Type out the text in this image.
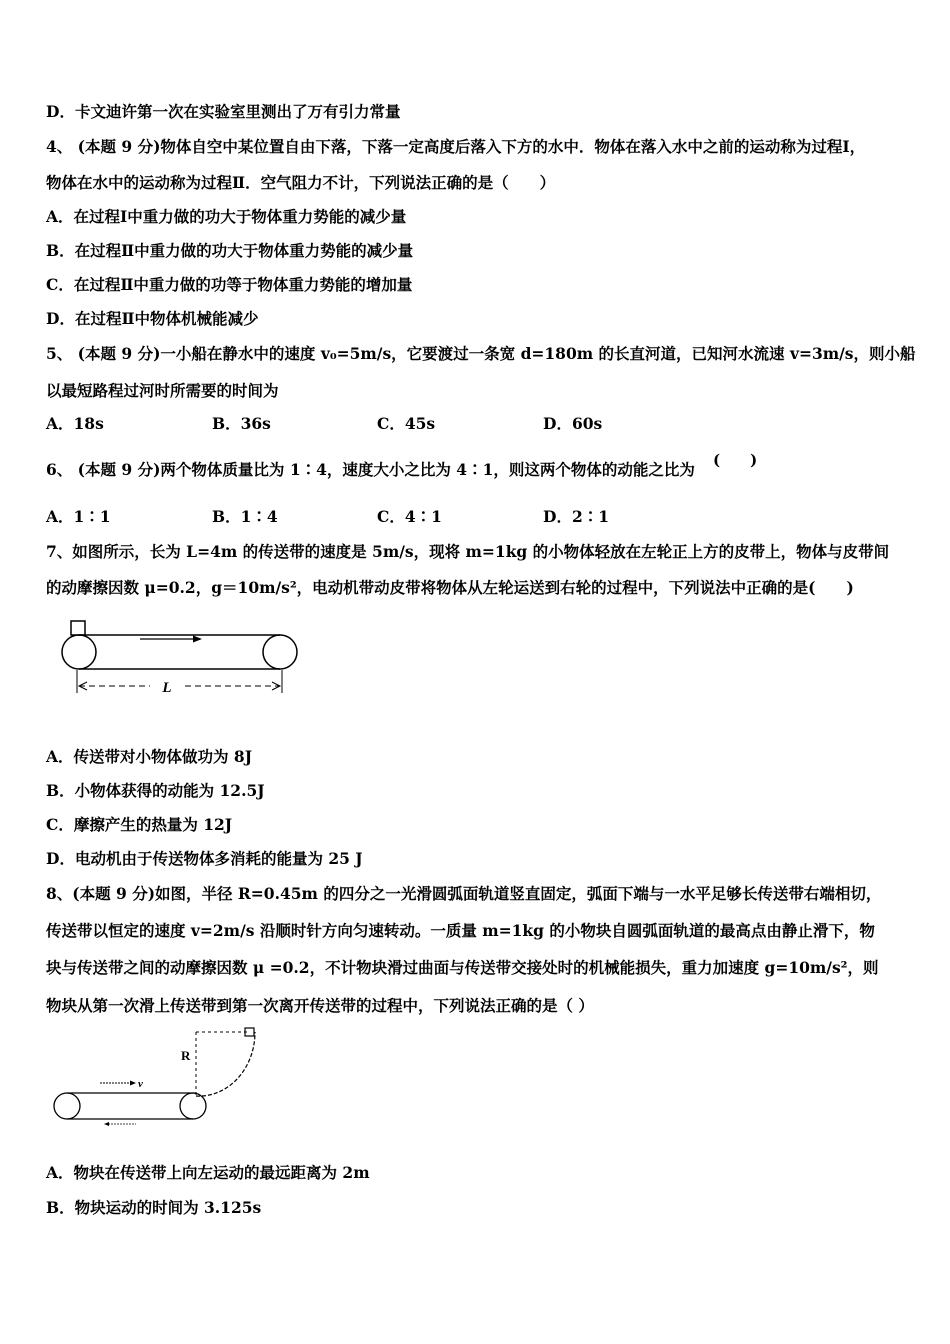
D．卡文迪许第一次在实验室里测出了万有引力常量
4、 (本题 9 分)物体自空中某位置自由下落，下落一定高度后落入下方的水中．物体在落入水中之前的运动称为过程Ⅰ，
物体在水中的运动称为过程Ⅱ．空气阻力不计，下列说法正确的是（　　）
A．在过程Ⅰ中重力做的功大于物体重力势能的减少量
B．在过程Ⅱ中重力做的功大于物体重力势能的减少量
C．在过程Ⅱ中重力做的功等于物体重力势能的增加量
D．在过程Ⅱ中物体机械能减少
5、 (本题 9 分)一小船在静水中的速度 v₀=5m/s，它要渡过一条宽 d=180m 的长直河道，已知河水流速 v=3m/s，则小船
以最短路程过河时所需要的时间为
A．18s	B．36s	C．45s	D．60s
6、 (本题 9 分)两个物体质量比为 1∶4，速度大小之比为 4∶1，则这两个物体的动能之比为 (　　)
A．1∶1	B．1∶4	C．4∶1	D．2∶1
7、如图所示，长为 L=4m 的传送带的速度是 5m/s，现将 m=1kg 的小物体轻放在左轮正上方的皮带上，物体与皮带间
的动摩擦因数 μ=0.2，g＝10m/s²，电动机带动皮带将物体从左轮运送到右轮的过程中，下列说法中正确的是(　　)
L
A．传送带对小物体做功为 8J
B．小物体获得的动能为 12.5J
C．摩擦产生的热量为 12J
D．电动机由于传送物体多消耗的能量为 25 J
8、(本题 9 分)如图，半径 R=0.45m 的四分之一光滑圆弧面轨道竖直固定，弧面下端与一水平足够长传送带右端相切，
传送带以恒定的速度 v=2m/s 沿顺时针方向匀速转动。一质量 m=1kg 的小物块自圆弧面轨道的最高点由静止滑下，物
块与传送带之间的动摩擦因数 μ =0.2，不计物块滑过曲面与传送带交接处时的机械能损失，重力加速度 g=10m/s²，则
物块从第一次滑上传送带到第一次离开传送带的过程中，下列说法正确的是（ ）
R
v
A．物块在传送带上向左运动的最远距离为 2m
B．物块运动的时间为 3.125s
